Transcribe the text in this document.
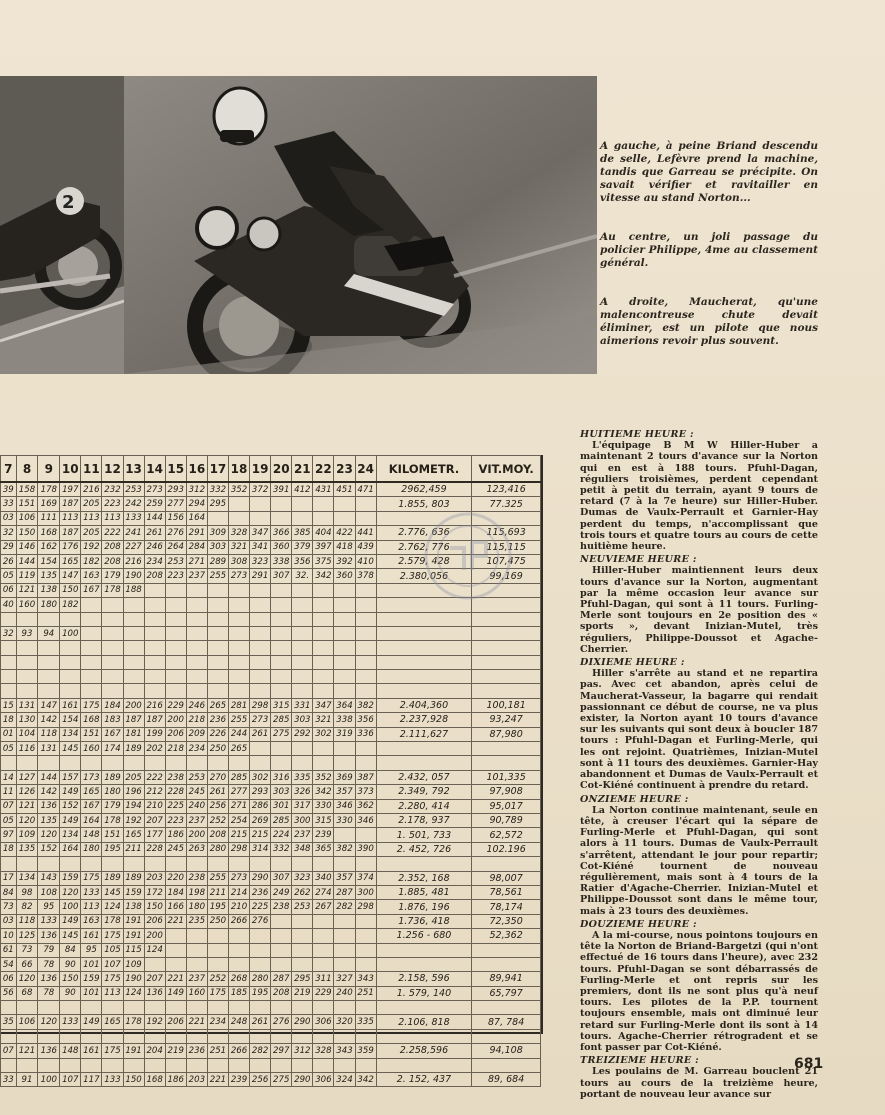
2

A gauche, à peine Briand descendu de selle, Lefèvre prend la machine, tandis que Garreau se précipite. On savait vérifier et ravitailler en vitesse au stand Norton...

Au centre, un joli passage du policier Philippe, 4me au classement général.

A droite, Maucherat, qu'une malencontreuse chute devait éliminer, est un pilote que nous aimerions revoir plus souvent.

7	8	9	10	11	12	13	14	15	16	17	18	19	20	21	22	23	24	KILOMETR.	VIT.MOY.
39	158	178	197	216	232	253	273	293	312	332	352	372	391	412	431	451	471	2962,459	123,416
33	151	169	187	205	223	242	259	277	294	295								1.855, 803	77.325
03	106	111	113	113	113	133	144	156	164										
32	150	168	187	205	222	241	261	276	291	309	328	347	366	385	404	422	441	2.776, 636	115,693
29	146	162	176	192	208	227	246	264	284	303	321	341	360	379	397	418	439	2.762, 776	115,115
26	144	154	165	182	208	216	234	253	271	289	308	323	338	356	375	392	410	2.579, 428	107,475
05	119	135	147	163	179	190	208	223	237	255	273	291	307	32.	342	360	378	2.380,056	99,169
06	121	138	150	167	178	188													
40	160	180	182																

32	93	94	100																

15	131	147	161	175	184	200	216	229	246	265	281	298	315	331	347	364	382	2.404,360	100,181
18	130	142	154	168	183	187	187	200	218	236	255	273	285	303	321	338	356	2.237,928	93,247
01	104	118	134	151	167	181	199	206	209	226	244	261	275	292	302	319	336	2.111,627	87,980
05	116	131	145	160	174	189	202	218	234	250	265								

14	127	144	157	173	189	205	222	238	253	270	285	302	316	335	352	369	387	2.432, 057	101,335
11	126	142	149	165	180	196	212	228	245	261	277	293	303	326	342	357	373	2.349, 792	97,908
07	121	136	152	167	179	194	210	225	240	256	271	286	301	317	330	346	362	2.280, 414	95,017
05	120	135	149	164	178	192	207	223	237	252	254	269	285	300	315	330	346	2.178, 937	90,789
97	109	120	134	148	151	165	177	186	200	208	215	215	224	237	239			1. 501, 733	62,572
18	135	152	164	180	195	211	228	245	263	280	298	314	332	348	365	382	390	2. 452, 726	102.196

17	134	143	159	175	189	189	203	220	238	255	273	290	307	323	340	357	374	2.352, 168	98,007
84	98	108	120	133	145	159	172	184	198	211	214	236	249	262	274	287	300	1.885, 481	78,561
73	82	95	100	113	124	138	150	166	180	195	210	225	238	253	267	282	298	1.876, 196	78,174
03	118	133	149	163	178	191	206	221	235	250	266	276						1.736, 418	72,350
10	125	136	145	161	175	191	200											1.256 - 680	52,362
61	73	79	84	95	105	115	124												
54	66	78	90	101	107	109													
06	120	136	150	159	175	190	207	221	237	252	268	280	287	295	311	327	343	2.158, 596	89,941
56	68	78	90	101	113	124	136	149	160	175	185	195	208	219	229	240	251	1. 579, 140	65,797

35	106	120	133	149	165	178	192	206	221	234	248	261	276	290	306	320	335	2.106, 818	87, 784

07	121	136	148	161	175	191	204	219	236	251	266	282	297	312	328	343	359	2.258,596	94,108

33	91	100	107	117	133	150	168	186	203	221	239	256	275	290	306	324	342	2. 152, 437	89, 684
HUITIEME HEURE :

L'équipage B M W Hiller-Huber a maintenant 2 tours d'avance sur la Norton qui en est à 188 tours. Pfuhl-Dagan, réguliers troisièmes, perdent cependant petit à petit du terrain, ayant 9 tours de retard (7 à la 7e heure) sur Hiller-Huber. Dumas de Vaulx-Perrault et Garnier-Hay perdent du temps, n'accomplissant que trois tours et quatre tours au cours de cette huitième heure.

NEUVIEME HEURE :

Hiller-Huber maintiennent leurs deux tours d'avance sur la Norton, augmentant par la même occasion leur avance sur Pfuhl-Dagan, qui sont à 11 tours. Furling-Merle sont toujours en 2e position des « sports », devant Inizian-Mutel, très réguliers, Philippe-Doussot et Agache-Cherrier.

DIXIEME HEURE :

Hiller s'arrête au stand et ne repartira pas. Avec cet abandon, après celui de Maucherat-Vasseur, la bagarre qui rendait passionnant ce début de course, ne va plus exister, la Norton ayant 10 tours d'avance sur les suivants qui sont deux à boucler 187 tours : Pfuhl-Dagan et Furling-Merle, qui les ont rejoint. Quatrièmes, Inizian-Mutel sont à 11 tours des deuxièmes. Garnier-Hay abandonnent et Dumas de Vaulx-Perrault et Cot-Kiéné continuent à prendre du retard.

ONZIEME HEURE :

La Norton continue maintenant, seule en tête, à creuser l'écart qui la sépare de Furling-Merle et Pfuhl-Dagan, qui sont alors à 11 tours. Dumas de Vaulx-Perrault s'arrêtent, attendant le jour pour repartir; Cot-Kiéné tournent de nouveau régulièrement, mais sont à 4 tours de la Ratier d'Agache-Cherrier. Inizian-Mutel et Philippe-Doussot sont dans le même tour, mais à 23 tours des deuxièmes.

DOUZIEME HEURE :

A la mi-course, nous pointons toujours en tête la Norton de Briand-Bargetzi (qui n'ont effectué de 16 tours dans l'heure), avec 232 tours. Pfuhl-Dagan se sont débarrassés de Furling-Merle et ont repris sur les premiers, dont ils ne sont plus qu'à neuf tours. Les pilotes de la P.P. tournent toujours ensemble, mais ont diminué leur retard sur Furling-Merle dont ils sont à 14 tours. Agache-Cherrier rétrogradent et se font passer par Cot-Kiéné.

TREIZIEME HEURE :

Les poulains de M. Garreau bouclent 21 tours au cours de la treizième heure, portant de nouveau leur avance sur

681
